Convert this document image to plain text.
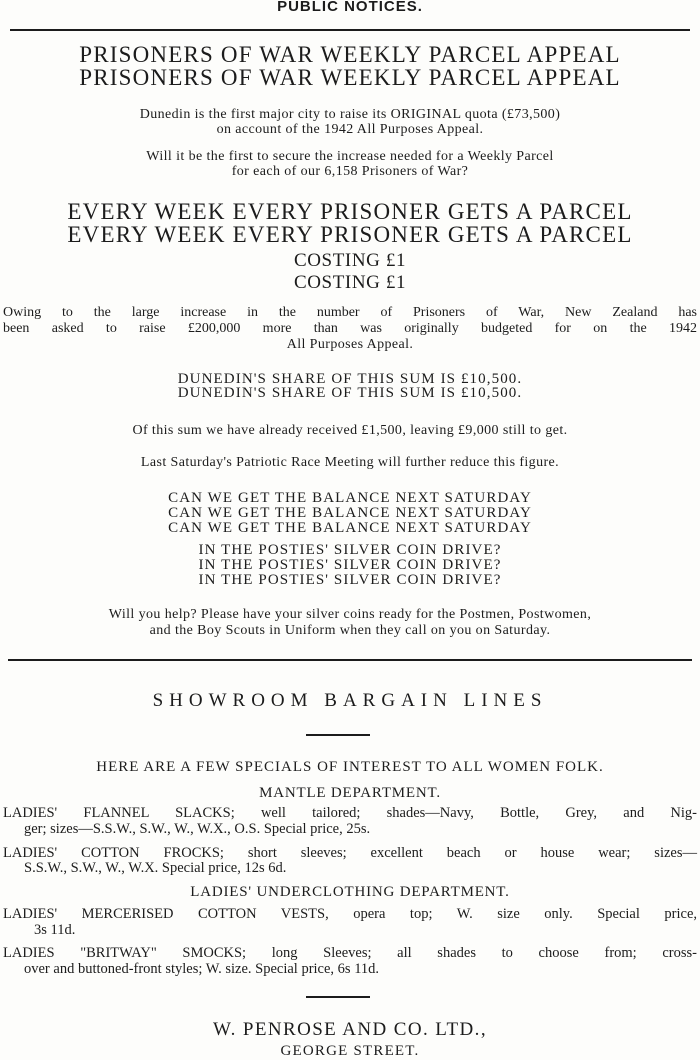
PUBLIC NOTICES.
PRISONERS OF WAR WEEKLY PARCEL APPEAL
PRISONERS OF WAR WEEKLY PARCEL APPEAL
Dunedin is the first major city to raise its ORIGINAL quota (£73,500)
on account of the 1942 All Purposes Appeal.
Will it be the first to secure the increase needed for a Weekly Parcel
for each of our 6,158 Prisoners of War?
EVERY WEEK EVERY PRISONER GETS A PARCEL
EVERY WEEK EVERY PRISONER GETS A PARCEL
COSTING £1
COSTING £1
Owing to the large increase in the number of Prisoners of War, New Zealand has
been asked to raise £200,000 more than was originally budgeted for on the 1942
All Purposes Appeal.
DUNEDIN'S SHARE OF THIS SUM IS £10,500.
DUNEDIN'S SHARE OF THIS SUM IS £10,500.
Of this sum we have already received £1,500, leaving £9,000 still to get.
Last Saturday's Patriotic Race Meeting will further reduce this figure.
CAN WE GET THE BALANCE NEXT SATURDAY
CAN WE GET THE BALANCE NEXT SATURDAY
CAN WE GET THE BALANCE NEXT SATURDAY
IN THE POSTIES' SILVER COIN DRIVE?
IN THE POSTIES' SILVER COIN DRIVE?
IN THE POSTIES' SILVER COIN DRIVE?
Will you help? Please have your silver coins ready for the Postmen, Postwomen,
and the Boy Scouts in Uniform when they call on you on Saturday.
SHOWROOM BARGAIN LINES
HERE ARE A FEW SPECIALS OF INTEREST TO ALL WOMEN FOLK.
MANTLE DEPARTMENT.
LADIES' FLANNEL SLACKS; well tailored; shades—Navy, Bottle, Grey, and Nig-
ger; sizes—S.S.W., S.W., W., W.X., O.S. Special price, 25s.
LADIES' COTTON FROCKS; short sleeves; excellent beach or house wear; sizes—
S.S.W., S.W., W., W.X. Special price, 12s 6d.
LADIES' UNDERCLOTHING DEPARTMENT.
LADIES' MERCERISED COTTON VESTS, opera top; W. size only. Special price,
3s 11d.
LADIES "BRITWAY" SMOCKS; long Sleeves; all shades to choose from; cross-
over and buttoned-front styles; W. size. Special price, 6s 11d.
W. PENROSE AND CO. LTD.,
GEORGE STREET.
